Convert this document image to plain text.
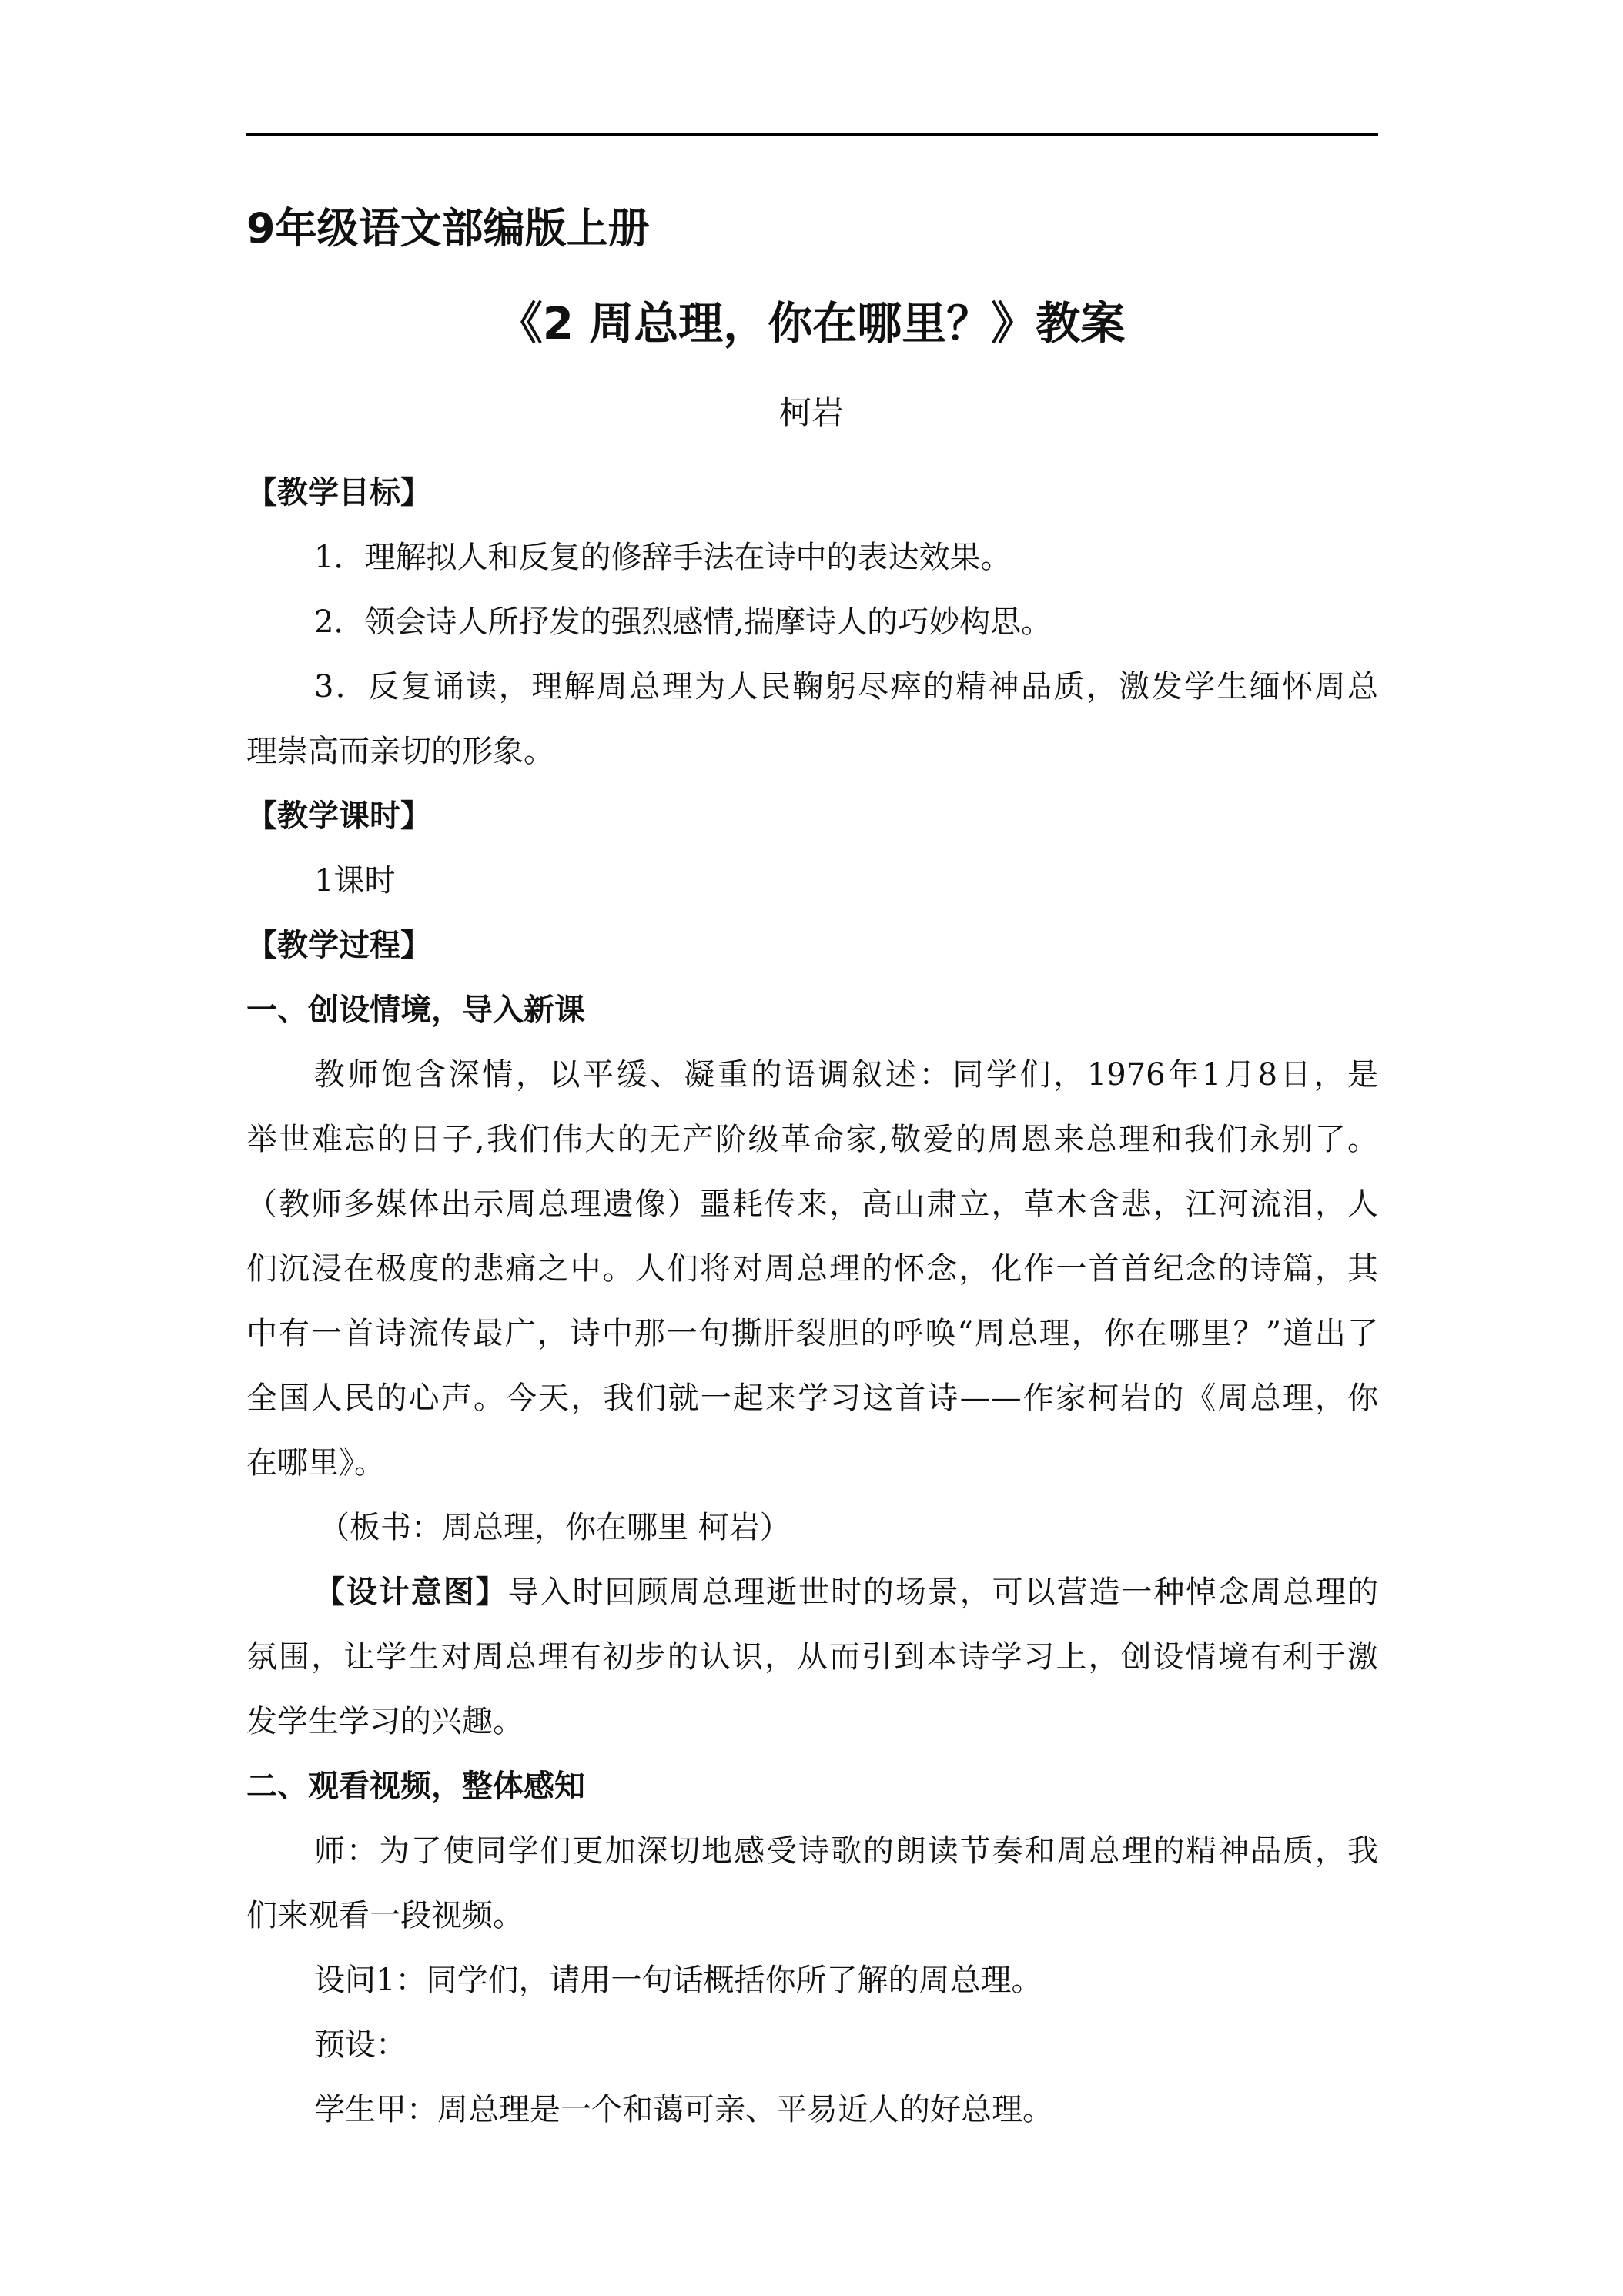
9年级语文部编版上册
《2 周总理，你在哪里？》教案
柯岩
【教学目标】
1．理解拟人和反复的修辞手法在诗中的表达效果。
2．领会诗人所抒发的强烈感情,揣摩诗人的巧妙构思。
3．反复诵读，理解周总理为人民鞠躬尽瘁的精神品质，激发学生缅怀周总
理崇高而亲切的形象。
【教学课时】
1课时
【教学过程】
一、创设情境，导入新课
教师饱含深情，以平缓、凝重的语调叙述：同学们，1976年1月8日，是
举世难忘的日子,我们伟大的无产阶级革命家,敬爱的周恩来总理和我们永别了。
（教师多媒体出示周总理遗像）噩耗传来，高山肃立，草木含悲，江河流泪，人
们沉浸在极度的悲痛之中。人们将对周总理的怀念，化作一首首纪念的诗篇，其
中有一首诗流传最广，诗中那一句撕肝裂胆的呼唤“周总理，你在哪里？”道出了
全国人民的心声。今天，我们就一起来学习这首诗——作家柯岩的《周总理，你
在哪里》。
（板书：周总理，你在哪里 柯岩）
【设计意图】导入时回顾周总理逝世时的场景，可以营造一种悼念周总理的
氛围，让学生对周总理有初步的认识，从而引到本诗学习上，创设情境有利于激
发学生学习的兴趣。
二、观看视频，整体感知
师：为了使同学们更加深切地感受诗歌的朗读节奏和周总理的精神品质，我
们来观看一段视频。
设问1：同学们，请用一句话概括你所了解的周总理。
预设：
学生甲：周总理是一个和蔼可亲、平易近人的好总理。
